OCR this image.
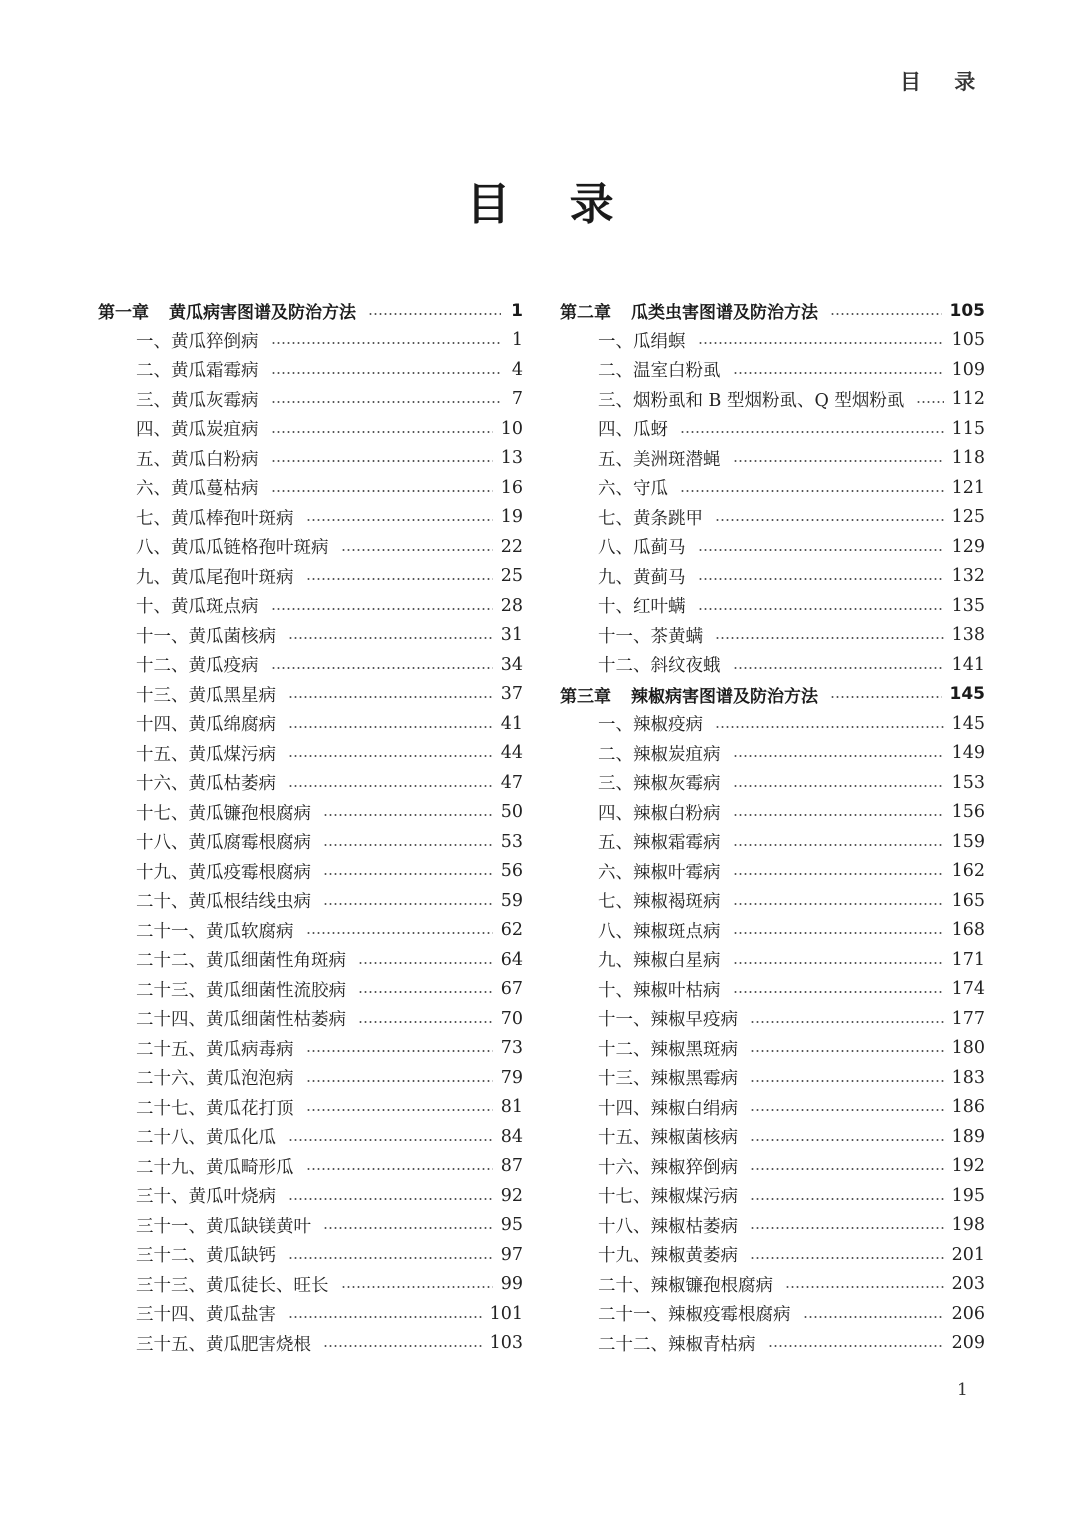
目 录
目 录
第一章 黄瓜病害图谱及防治方法	1
一、黄瓜猝倒病	1
二、黄瓜霜霉病	4
三、黄瓜灰霉病	7
四、黄瓜炭疽病	10
五、黄瓜白粉病	13
六、黄瓜蔓枯病	16
七、黄瓜棒孢叶斑病	19
八、黄瓜瓜链格孢叶斑病	22
九、黄瓜尾孢叶斑病	25
十、黄瓜斑点病	28
十一、黄瓜菌核病	31
十二、黄瓜疫病	34
十三、黄瓜黑星病	37
十四、黄瓜绵腐病	41
十五、黄瓜煤污病	44
十六、黄瓜枯萎病	47
十七、黄瓜镰孢根腐病	50
十八、黄瓜腐霉根腐病	53
十九、黄瓜疫霉根腐病	56
二十、黄瓜根结线虫病	59
二十一、黄瓜软腐病	62
二十二、黄瓜细菌性角斑病	64
二十三、黄瓜细菌性流胶病	67
二十四、黄瓜细菌性枯萎病	70
二十五、黄瓜病毒病	73
二十六、黄瓜泡泡病	79
二十七、黄瓜花打顶	81
二十八、黄瓜化瓜	84
二十九、黄瓜畸形瓜	87
三十、黄瓜叶烧病	92
三十一、黄瓜缺镁黄叶	95
三十二、黄瓜缺钙	97
三十三、黄瓜徒长、旺长	99
三十四、黄瓜盐害	101
三十五、黄瓜肥害烧根	103
第二章 瓜类虫害图谱及防治方法	105
一、瓜绢螟	105
二、温室白粉虱	109
三、烟粉虱和 B 型烟粉虱、Q 型烟粉虱	112
四、瓜蚜	115
五、美洲斑潜蝇	118
六、守瓜	121
七、黄条跳甲	125
八、瓜蓟马	129
九、黄蓟马	132
十、红叶螨	135
十一、茶黄螨	138
十二、斜纹夜蛾	141
第三章 辣椒病害图谱及防治方法	145
一、辣椒疫病	145
二、辣椒炭疽病	149
三、辣椒灰霉病	153
四、辣椒白粉病	156
五、辣椒霜霉病	159
六、辣椒叶霉病	162
七、辣椒褐斑病	165
八、辣椒斑点病	168
九、辣椒白星病	171
十、辣椒叶枯病	174
十一、辣椒早疫病	177
十二、辣椒黑斑病	180
十三、辣椒黑霉病	183
十四、辣椒白绢病	186
十五、辣椒菌核病	189
十六、辣椒猝倒病	192
十七、辣椒煤污病	195
十八、辣椒枯萎病	198
十九、辣椒黄萎病	201
二十、辣椒镰孢根腐病	203
二十一、辣椒疫霉根腐病	206
二十二、辣椒青枯病	209
1
